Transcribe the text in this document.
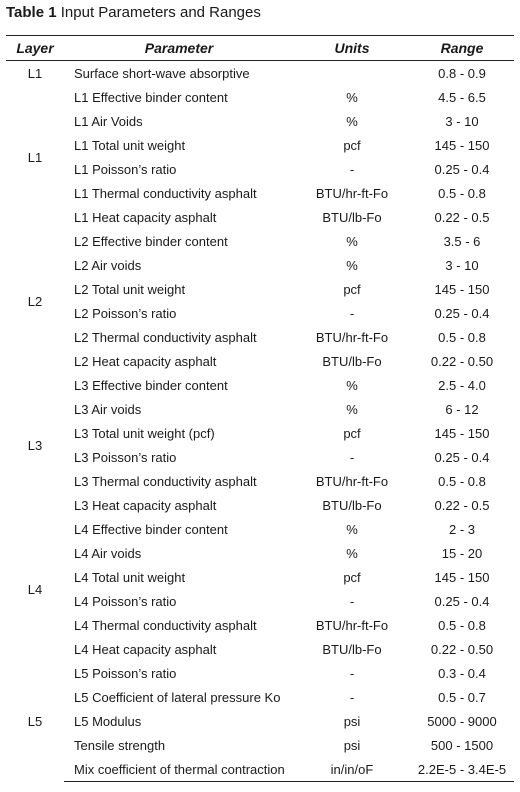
Table 1 Input Parameters and Ranges
Layer	Parameter	Units	Range
L1	Surface short-wave absorptive		0.8 - 0.9
L1	L1 Effective binder content	%	4.5 - 6.5
	L1 Air Voids	%	3 - 10
	L1 Total unit weight	pcf	145 - 150
	L1 Poisson’s ratio	-	0.25 - 0.4
	L1 Thermal conductivity asphalt	BTU/hr-ft-Fo	0.5 - 0.8
	L1 Heat capacity asphalt	BTU/lb-Fo	0.22 - 0.5
L2	L2 Effective binder content	%	3.5 - 6
	L2 Air voids	%	3 - 10
	L2 Total unit weight	pcf	145 - 150
	L2 Poisson’s ratio	-	0.25 - 0.4
	L2 Thermal conductivity asphalt	BTU/hr-ft-Fo	0.5 - 0.8
	L2 Heat capacity asphalt	BTU/lb-Fo	0.22 - 0.50
L3	L3 Effective binder content	%	2.5 - 4.0
	L3 Air voids	%	6 - 12
	L3 Total unit weight (pcf)	pcf	145 - 150
	L3 Poisson’s ratio	-	0.25 - 0.4
	L3 Thermal conductivity asphalt	BTU/hr-ft-Fo	0.5 - 0.8
	L3 Heat capacity asphalt	BTU/lb-Fo	0.22 - 0.5
L4	L4 Effective binder content	%	2 - 3
	L4 Air voids	%	15 - 20
	L4 Total unit weight	pcf	145 - 150
	L4 Poisson’s ratio	-	0.25 - 0.4
	L4 Thermal conductivity asphalt	BTU/hr-ft-Fo	0.5 - 0.8
	L4 Heat capacity asphalt	BTU/lb-Fo	0.22 - 0.50
L5	L5 Poisson’s ratio	-	0.3 - 0.4
	L5 Coefficient of lateral pressure Ko	-	0.5 - 0.7
	L5 Modulus	psi	5000 - 9000
	Tensile strength	psi	500 - 1500
	Mix coefficient of thermal contraction	in/in/oF	2.2E-5 - 3.4E-5
